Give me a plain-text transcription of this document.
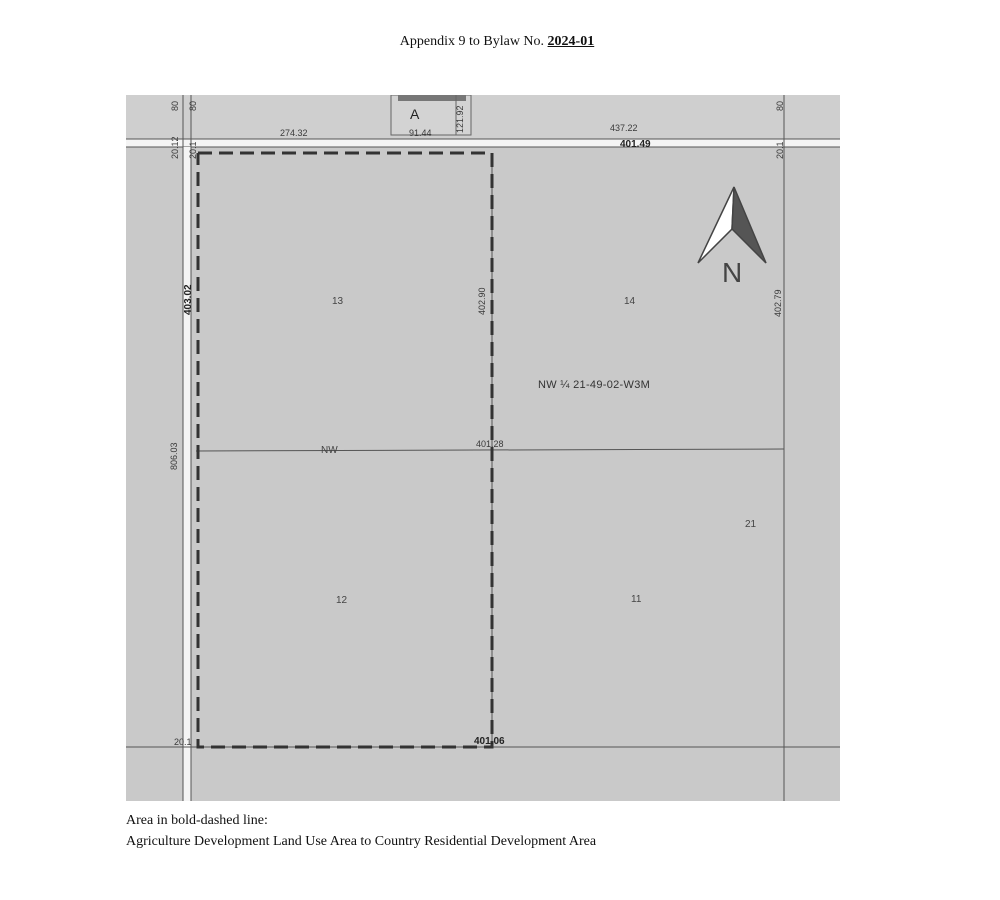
Appendix 9 to Bylaw No. 2024-01
274.32	91.44	121.92	437.22
401.49
A
20.12 20.1	20.1
80 80	80
403.02
806.03
402.90
401.28
402.79
20.1	401.06
13	14
12	11
21
NW
NW ¼ 21-49-02-W3M
N
Area in bold-dashed line:
Agriculture Development Land Use Area to Country Residential Development Area
